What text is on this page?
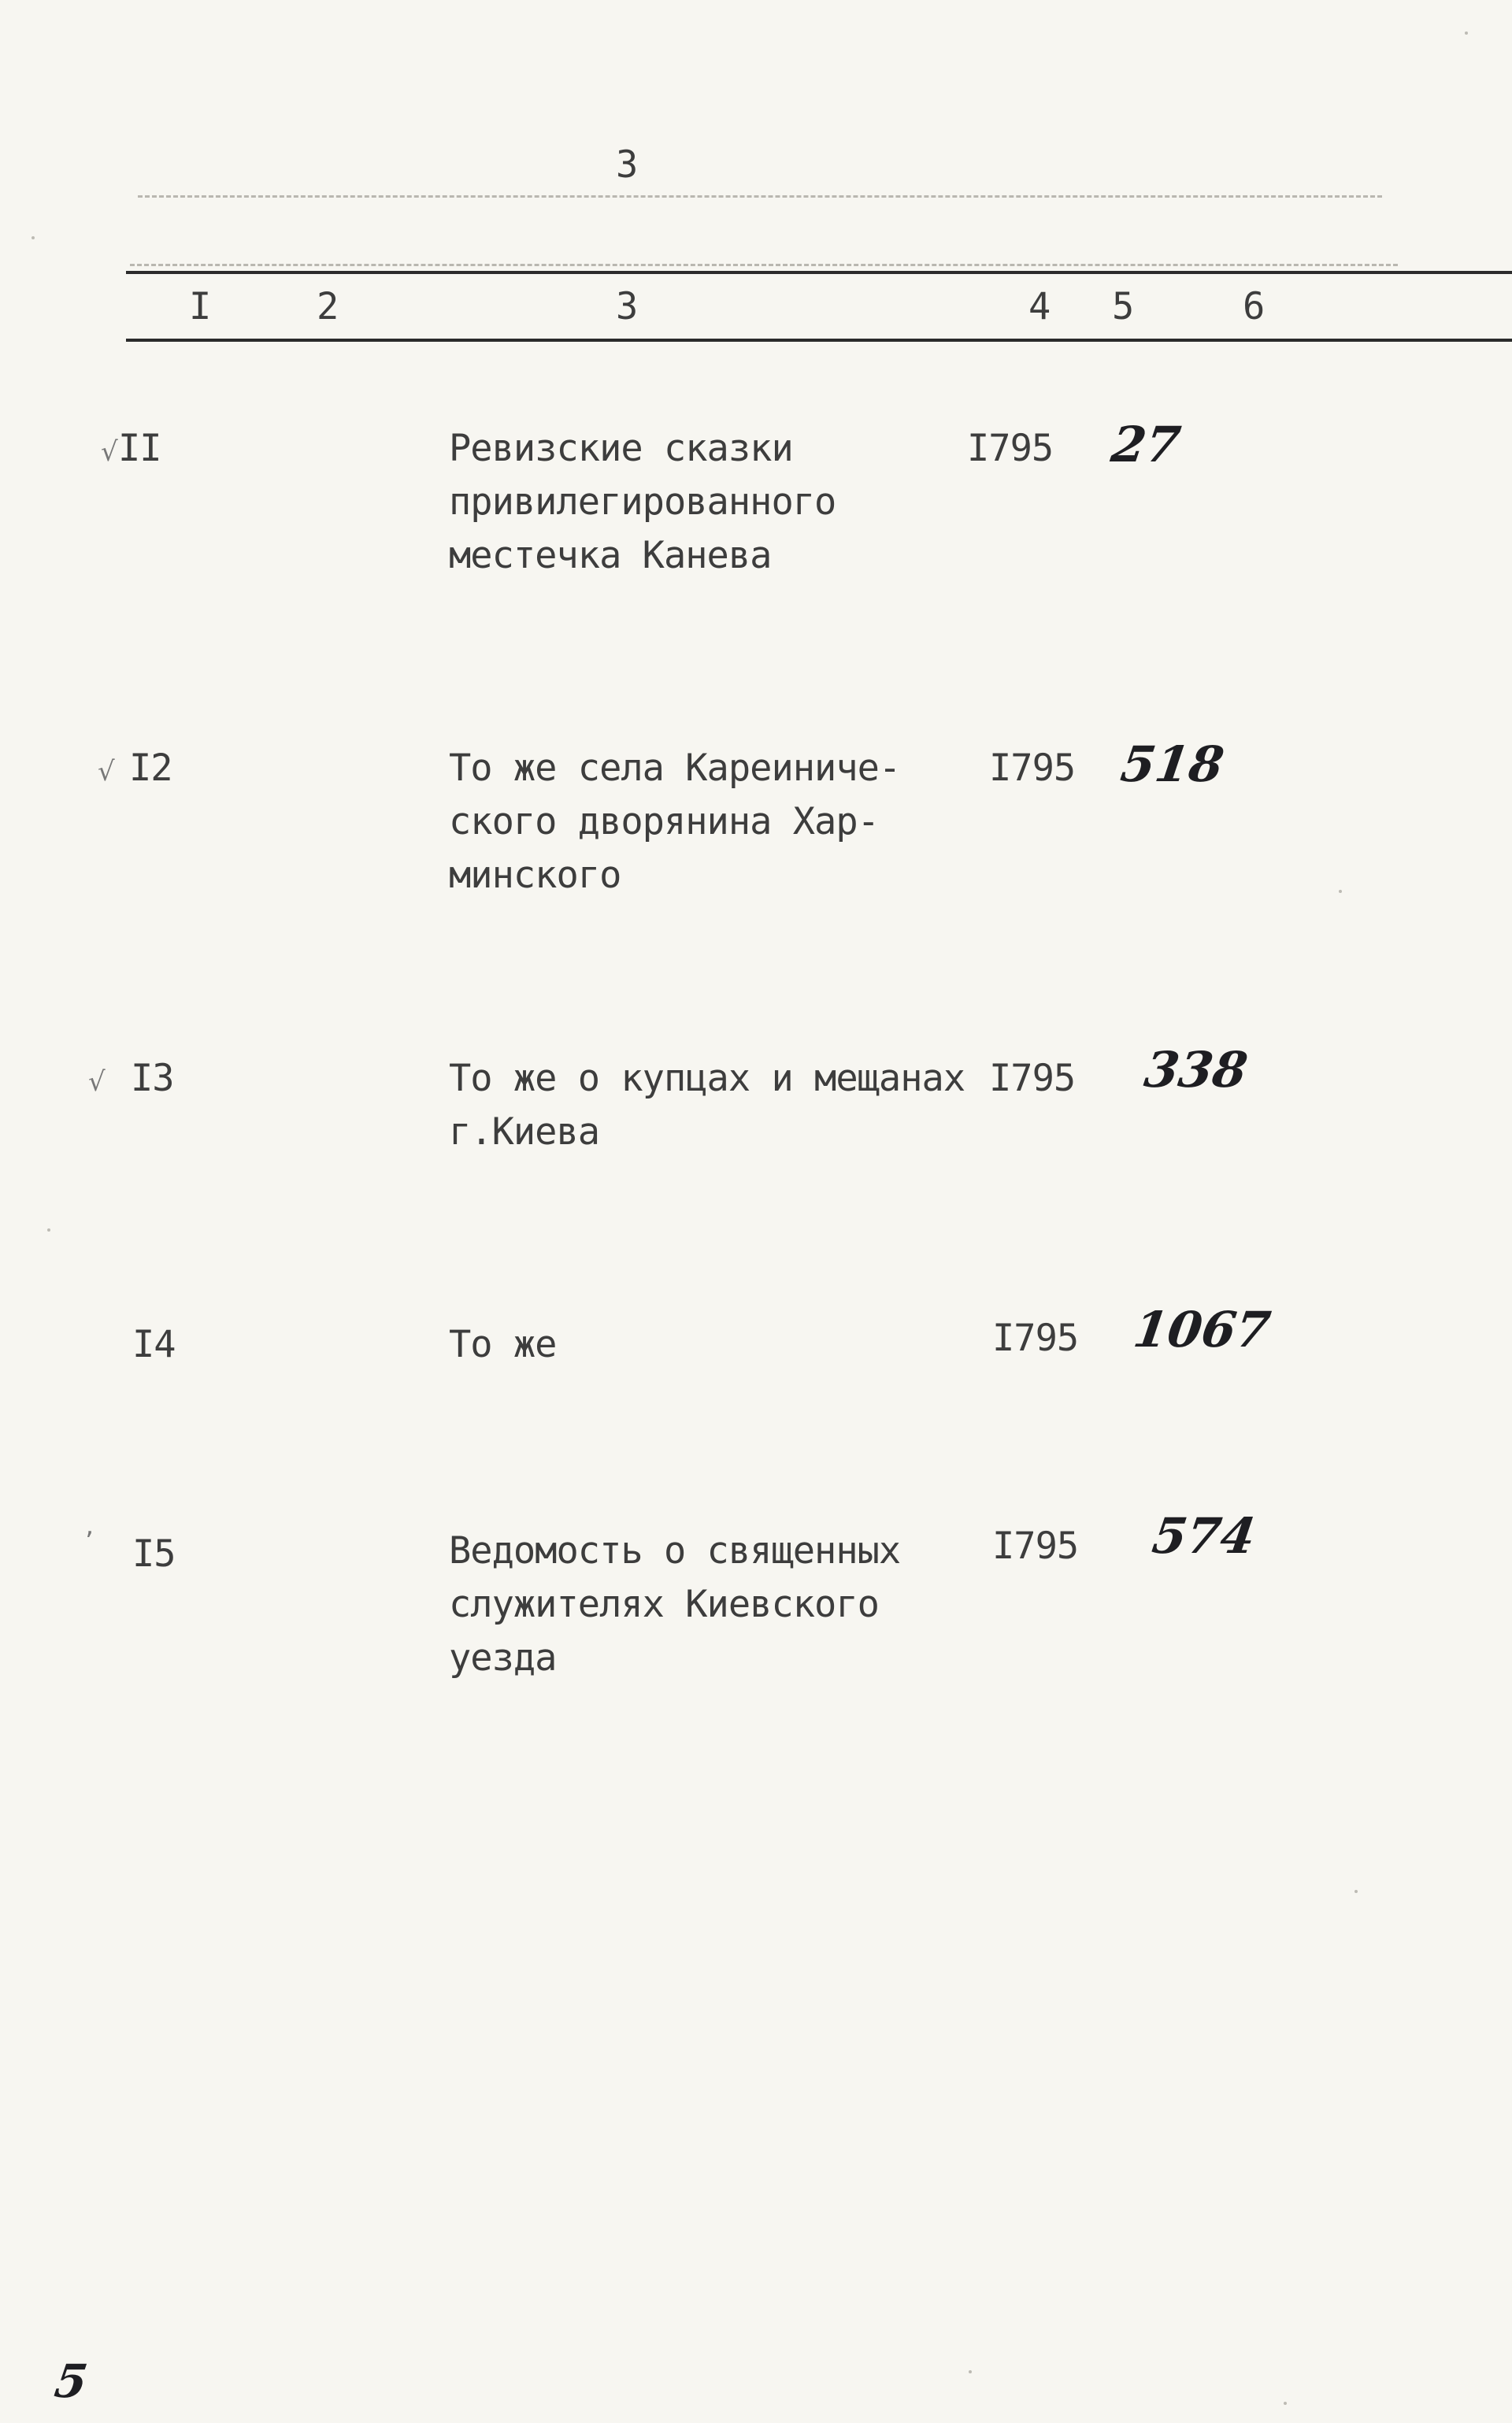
3
I	2	3	4 5	6
√ II	Ревизские сказки
привилегированного
местечка Канева
I795 27
√ I2	То же села Кареиниче-
ского дворянина Хар-
минского
I795 518
√ I3	То же о купцах и мещанах
г.Киева
I795 338
I4	То же	I795 1067
’ I5	Ведомость о священных
служителях Киевского
уезда
I795 574
5
